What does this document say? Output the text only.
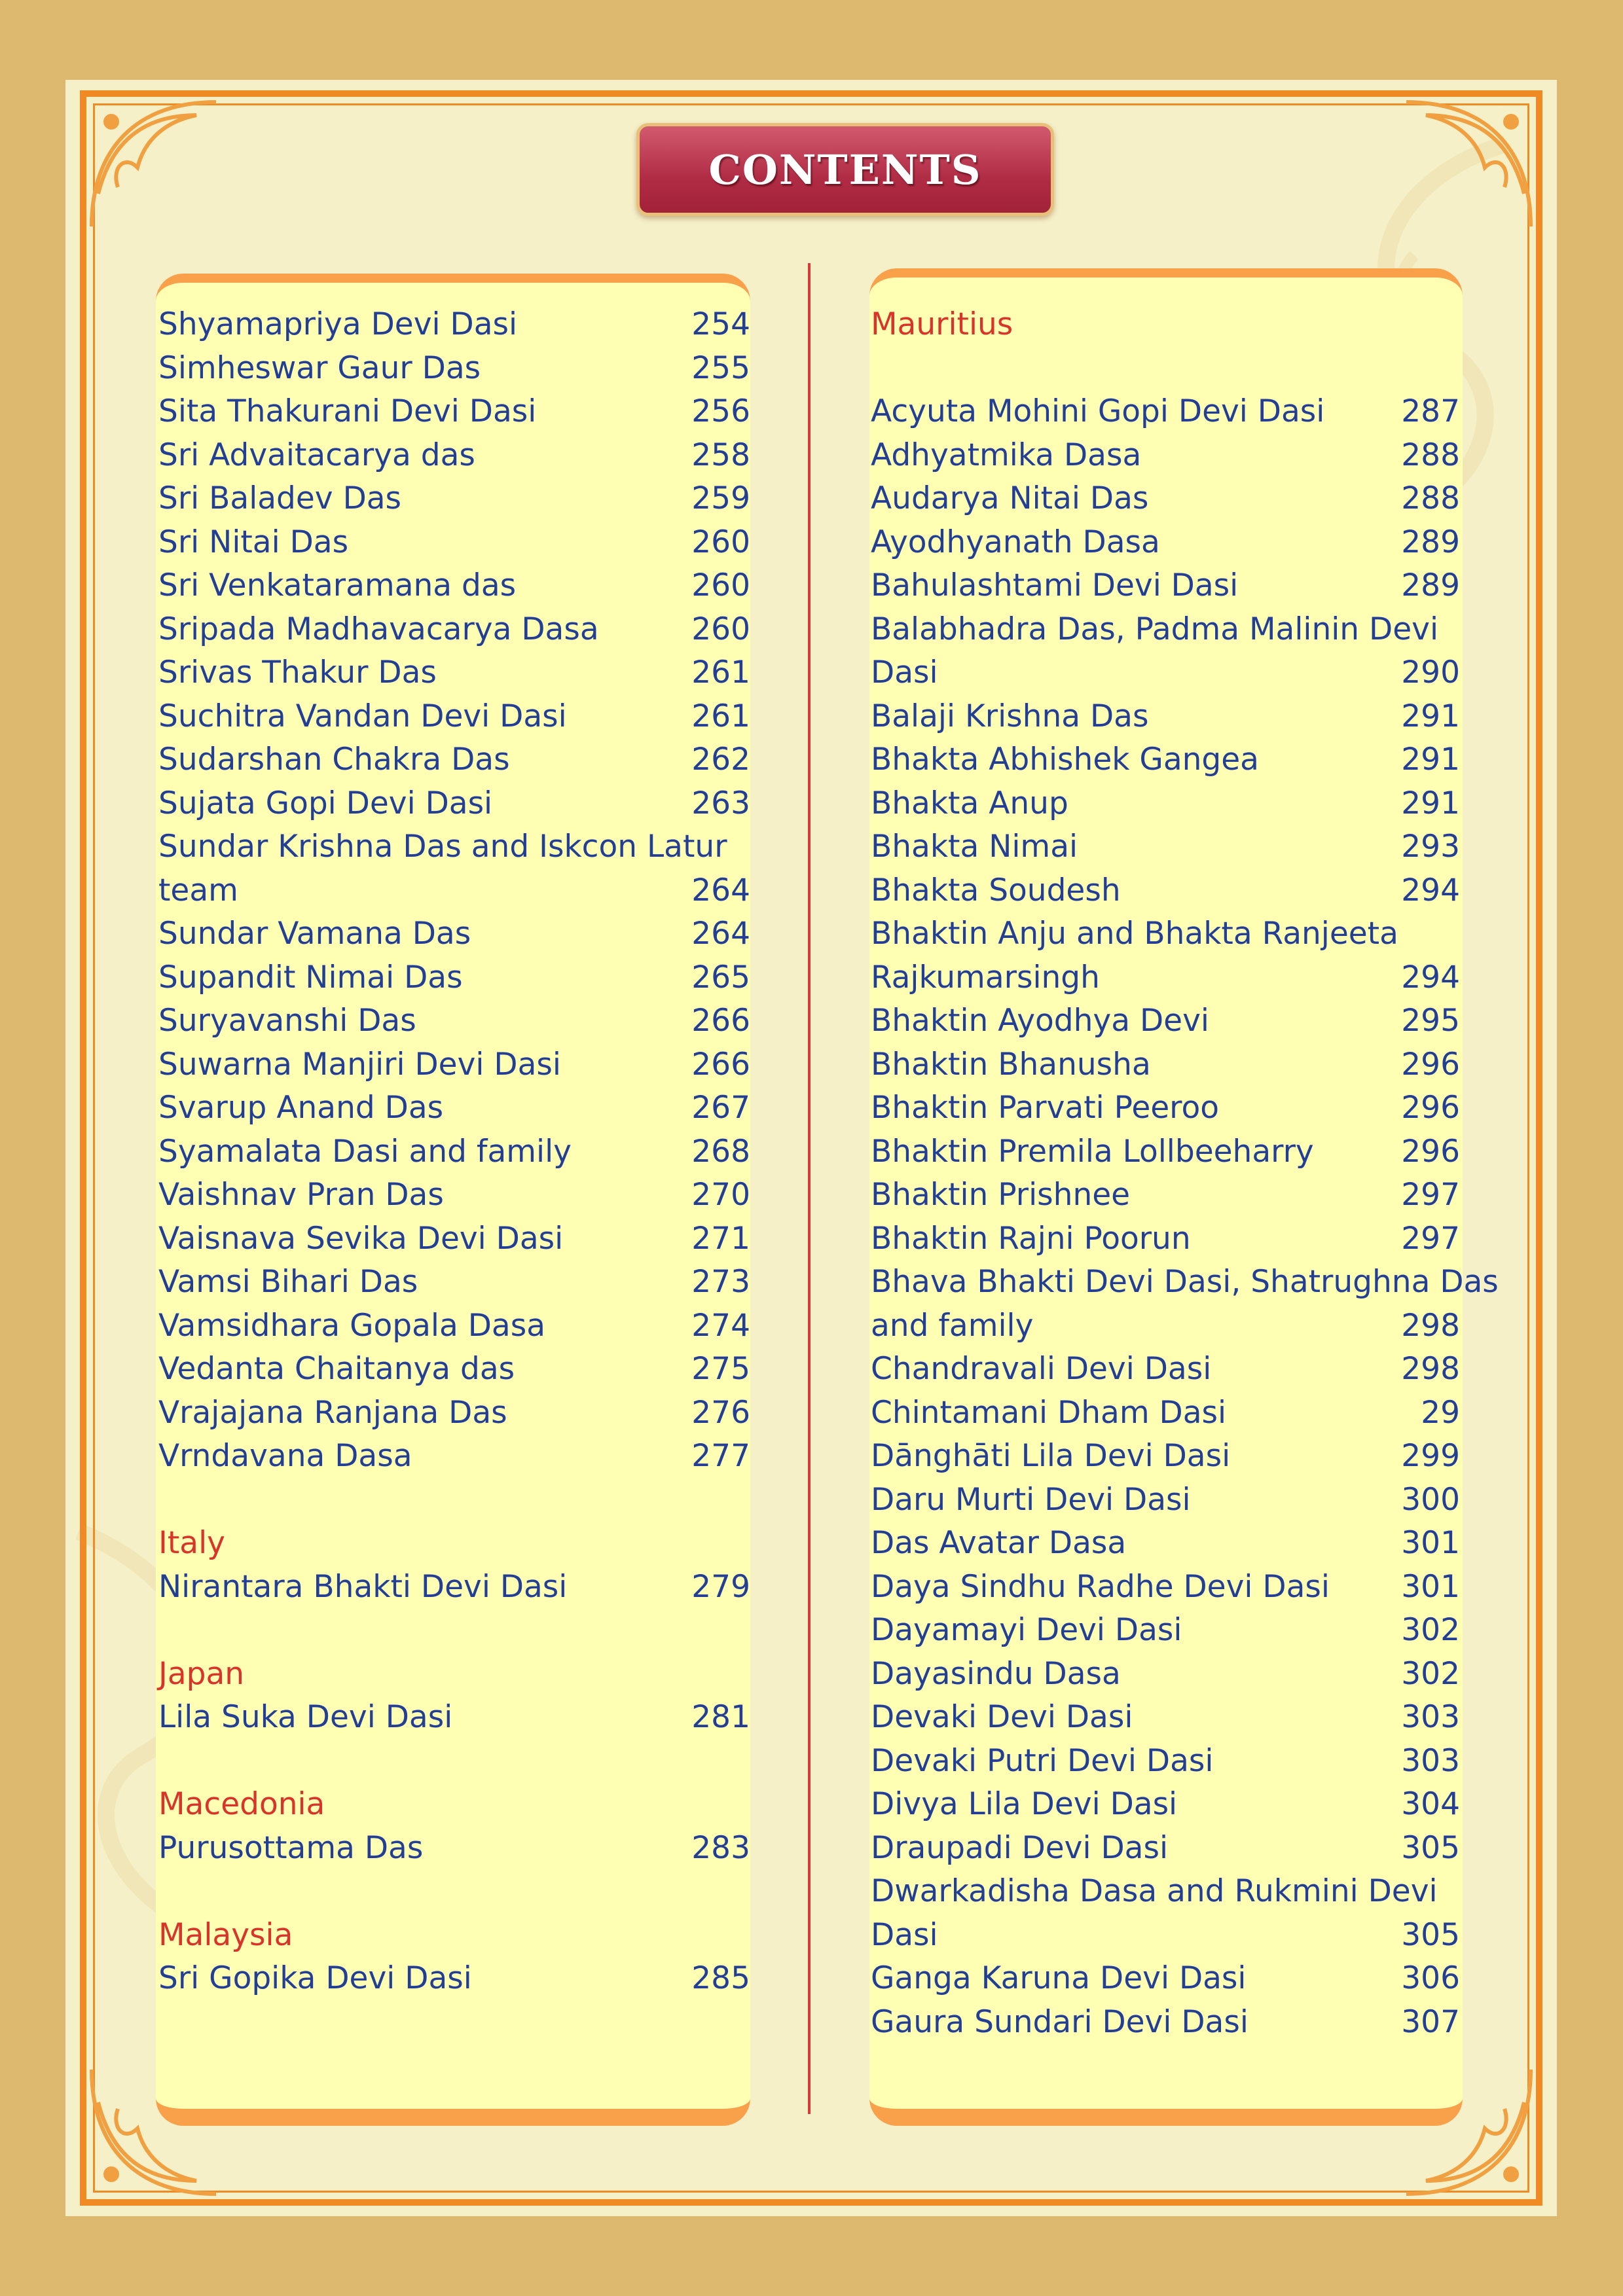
CONTENTS
Shyamapriya Devi Dasi	254
Simheswar Gaur Das	255
Sita Thakurani Devi Dasi	256
Sri Advaitacarya das	258
Sri Baladev Das	259
Sri Nitai Das	260
Sri Venkataramana das	260
Sripada Madhavacarya Dasa	260
Srivas Thakur Das	261
Suchitra Vandan Devi Dasi	261
Sudarshan Chakra Das	262
Sujata Gopi Devi Dasi	263
Sundar Krishna Das and Iskcon Latur
team	264
Sundar Vamana Das	264
Supandit Nimai Das	265
Suryavanshi Das	266
Suwarna Manjiri Devi Dasi	266
Svarup Anand Das	267
Syamalata Dasi and family	268
Vaishnav Pran Das	270
Vaisnava Sevika Devi Dasi	271
Vamsi Bihari Das	273
Vamsidhara Gopala Dasa	274
Vedanta Chaitanya das	275
Vrajajana Ranjana Das	276
Vrndavana Dasa	277
Italy
Nirantara Bhakti Devi Dasi	279
Japan
Lila Suka Devi Dasi	281
Macedonia
Purusottama Das	283
Malaysia
Sri Gopika Devi Dasi	285
Mauritius
Acyuta Mohini Gopi Devi Dasi	287
Adhyatmika Dasa	288
Audarya Nitai Das	288
Ayodhyanath Dasa	289
Bahulashtami Devi Dasi	289
Balabhadra Das, Padma Malinin Devi
Dasi	290
Balaji Krishna Das	291
Bhakta Abhishek Gangea	291
Bhakta Anup	291
Bhakta Nimai	293
Bhakta Soudesh	294
Bhaktin Anju and Bhakta Ranjeeta
Rajkumarsingh	294
Bhaktin Ayodhya Devi	295
Bhaktin Bhanusha	296
Bhaktin Parvati Peeroo	296
Bhaktin Premila Lollbeeharry	296
Bhaktin Prishnee	297
Bhaktin Rajni Poorun	297
Bhava Bhakti Devi Dasi, Shatrughna Das
and family	298
Chandravali Devi Dasi	298
Chintamani Dham Dasi	29
Dānghāti Lila Devi Dasi	299
Daru Murti Devi Dasi	300
Das Avatar Dasa	301
Daya Sindhu Radhe Devi Dasi	301
Dayamayi Devi Dasi	302
Dayasindu Dasa	302
Devaki Devi Dasi	303
Devaki Putri Devi Dasi	303
Divya Lila Devi Dasi	304
Draupadi Devi Dasi	305
Dwarkadisha Dasa and Rukmini Devi
Dasi	305
Ganga Karuna Devi Dasi	306
Gaura Sundari Devi Dasi	307
